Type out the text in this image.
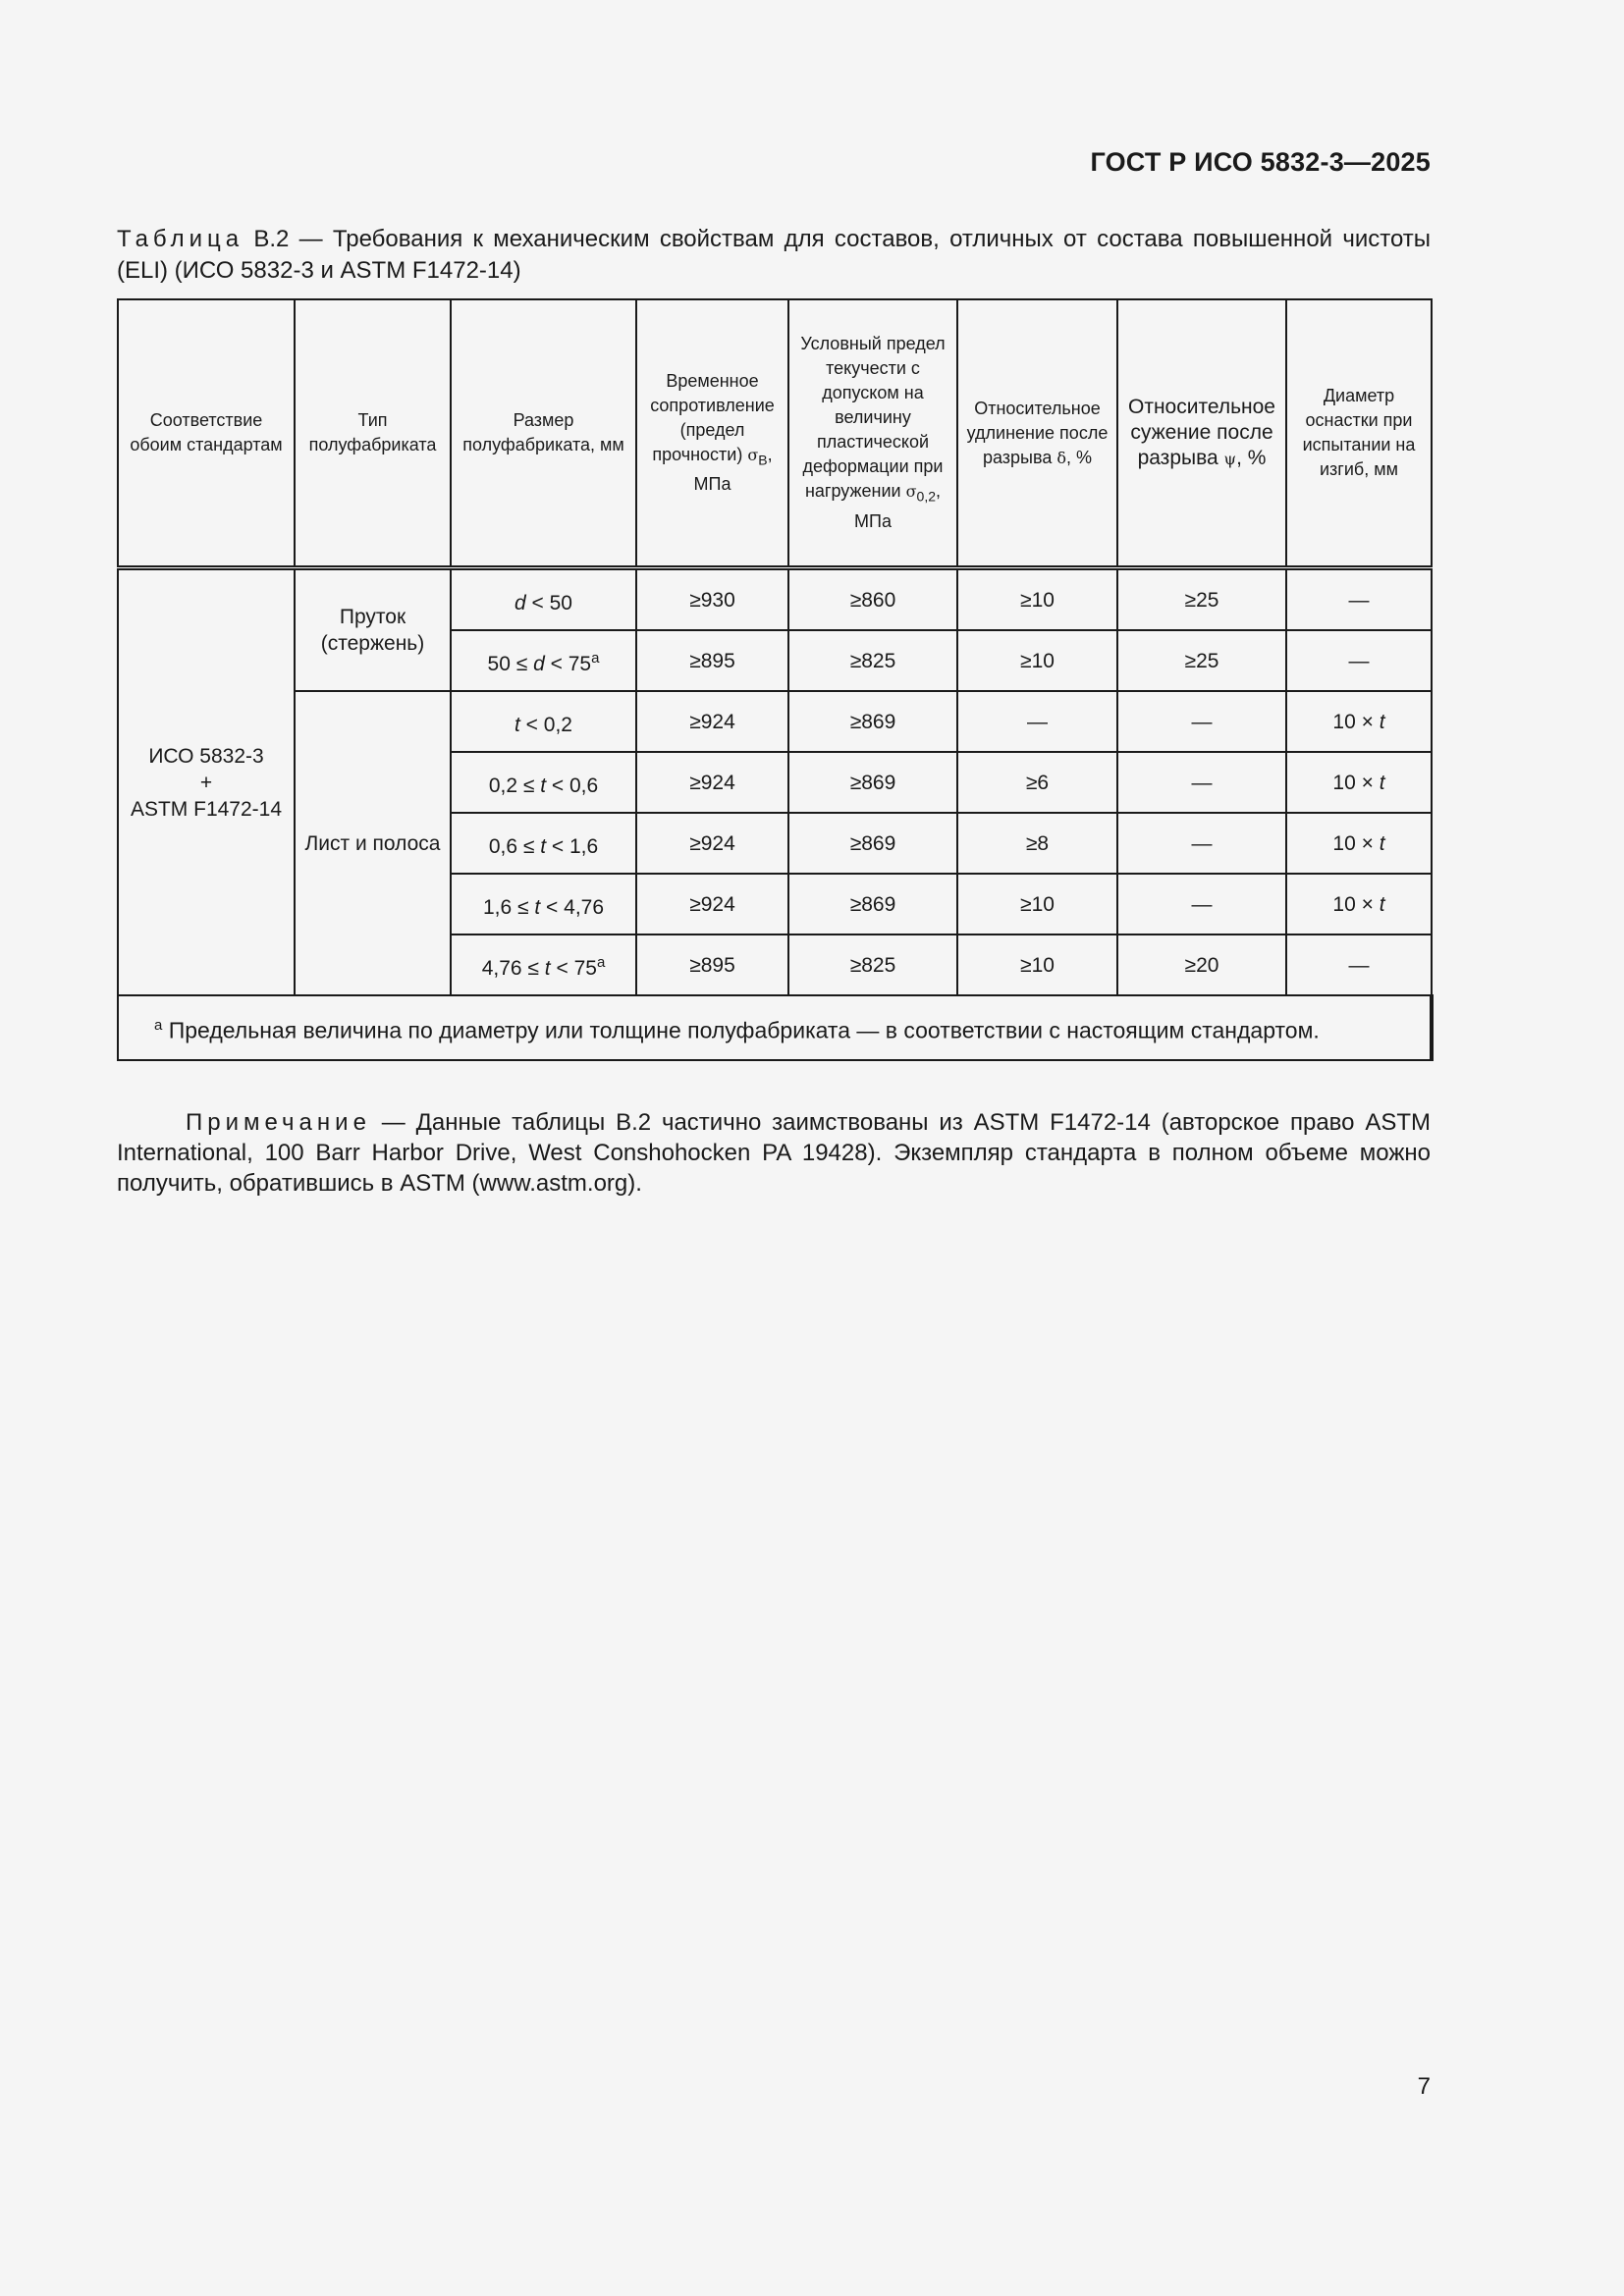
ГОСТ Р ИСО 5832-3—2025
Таблица В.2 — Требования к механическим свойствам для составов, отличных от состава повышенной чистоты (ELI) (ИСО 5832-3 и ASTM F1472-14)
Соответствие обоим стандартам	Тип полуфабриката	Размер полуфабриката, мм	Временное сопротивление (предел прочности) $\sigma_В$, МПа	Условный предел текучести с допуском на величину пластической деформации при нагружении $\sigma_{0,2}$, МПа	Относительное удлинение после разрыва δ, %	Относительное сужение после разрыва ψ, %	Диаметр оснастки при испытании на изгиб, мм
ИСО 5832-3
+
ASTM F1472-14	Пруток (стержень)	d < 50	≥930	≥860	≥10	≥25	—
		$50 \le d < 75^a$	≥895	≥825	≥10	≥25	—
	Лист и полоса	t < 0,2	≥924	≥869	—	—	10 × t
		0,2 ≤ t < 0,6	≥924	≥869	≥6	—	10 × t
		0,6 ≤ t < 1,6	≥924	≥869	≥8	—	10 × t
		1,6 ≤ t < 4,76	≥924	≥869	≥10	—	10 × t
		$4,76 \le t < 75^a$	≥895	≥825	≥10	≥20	—
$^a$ Предельная величина по диаметру или толщине полуфабриката — в соответствии с настоящим стандартом.							
Примечание — Данные таблицы В.2 частично заимствованы из ASTM F1472-14 (авторское право ASTM International, 100 Barr Harbor Drive, West Conshohocken PA 19428). Экземпляр стандарта в полном объеме можно получить, обратившись в ASTM (www.astm.org).
7
